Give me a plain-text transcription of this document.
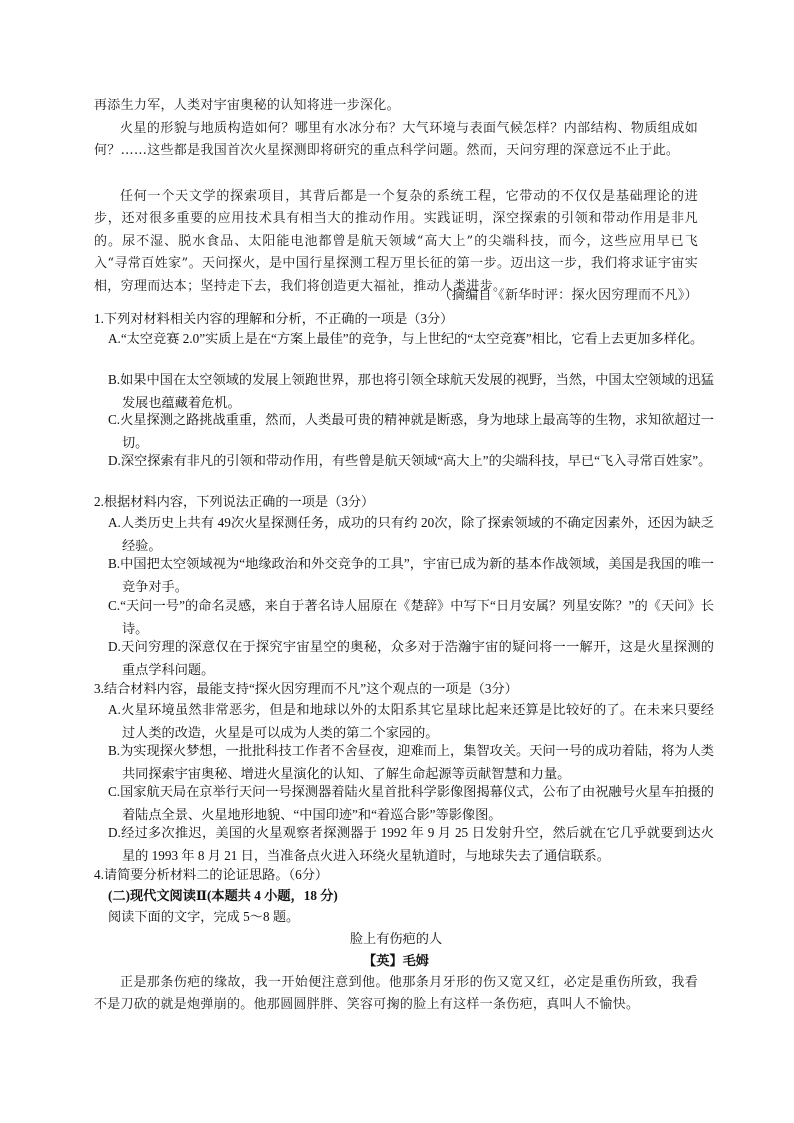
再添生力军，人类对宇宙奥秘的认知将进一步深化。

火星的形貌与地质构造如何？哪里有水冰分布？大气环境与表面气候怎样？内部结构、物质组成如何？……这些都是我国首次火星探测即将研究的重点科学问题。然而，天问穷理的深意远不止于此。

任何一个天文学的探索项目，其背后都是一个复杂的系统工程，它带动的不仅仅是基础理论的进步，还对很多重要的应用技术具有相当大的推动作用。实践证明，深空探索的引领和带动作用是非凡的。尿不湿、脱水食品、太阳能电池都曾是航天领域“高大上”的尖端科技，而今，这些应用早已飞入“寻常百姓家”。天问探火，是中国行星探测工程万里长征的第一步。迈出这一步，我们将求证宇宙实相，穷理而达本；坚持走下去，我们将创造更大福祉，推动人类进步。

（摘编自《新华时评：探火因穷理而不凡》）

1.下列对材料相关内容的理解和分析，不正确的一项是（3分）

A.“太空竞赛 2.0”实质上是在“方案上最佳”的竞争，与上世纪的“太空竞赛”相比，它看上去更加多样化。

B.如果中国在太空领域的发展上领跑世界，那也将引领全球航天发展的视野，当然，中国太空领域的迅猛发展也蕴藏着危机。

C.火星探测之路挑战重重，然而，人类最可贵的精神就是断惑，身为地球上最高等的生物，求知欲超过一切。

D.深空探索有非凡的引领和带动作用，有些曾是航天领域“高大上”的尖端科技，早已“飞入寻常百姓家”。

2.根据材料内容，下列说法正确的一项是（3分）

A.人类历史上共有 49次火星探测任务，成功的只有约 20次，除了探索领域的不确定因素外，还因为缺乏经验。

B.中国把太空领域视为“地缘政治和外交竞争的工具”，宇宙已成为新的基本作战领域，美国是我国的唯一竞争对手。

C.“天问一号”的命名灵感，来自于著名诗人屈原在《楚辞》中写下“日月安属？列星安陈？”的《天问》长诗。

D.天问穷理的深意仅在于探究宇宙星空的奥秘，众多对于浩瀚宇宙的疑问将一一解开，这是火星探测的重点学科问题。

3.结合材料内容，最能支持“探火因穷理而不凡”这个观点的一项是（3分）

A.火星环境虽然非常恶劣，但是和地球以外的太阳系其它星球比起来还算是比较好的了。在未来只要经过人类的改造，火星是可以成为人类的第二个家园的。

B.为实现探火梦想，一批批科技工作者不舍昼夜，迎难而上，集智攻关。天问一号的成功着陆，将为人类共同探索宇宙奥秘、增进火星演化的认知、了解生命起源等贡献智慧和力量。

C.国家航天局在京举行天问一号探测器着陆火星首批科学影像图揭幕仪式，公布了由祝融号火星车拍摄的着陆点全景、火星地形地貌、“中国印迹”和“着巡合影”等影像图。

D.经过多次推迟，美国的火星观察者探测器于 1992 年 9 月 25 日发射升空，然后就在它几乎就要到达火星的 1993 年 8 月 21 日，当准备点火进入环绕火星轨道时，与地球失去了通信联系。

4.请简要分析材料二的论证思路。（6分）

(二)现代文阅读Ⅱ(本题共 4 小题，18 分)

阅读下面的文字，完成 5～8 题。

脸上有伤疤的人
【英】毛姆

正是那条伤疤的缘故，我一开始便注意到他。他那条月牙形的伤又宽又红，必定是重伤所致，我看不是刀砍的就是炮弹崩的。他那圆圆胖胖、笑容可掬的脸上有这样一条伤疤，真叫人不愉快。
